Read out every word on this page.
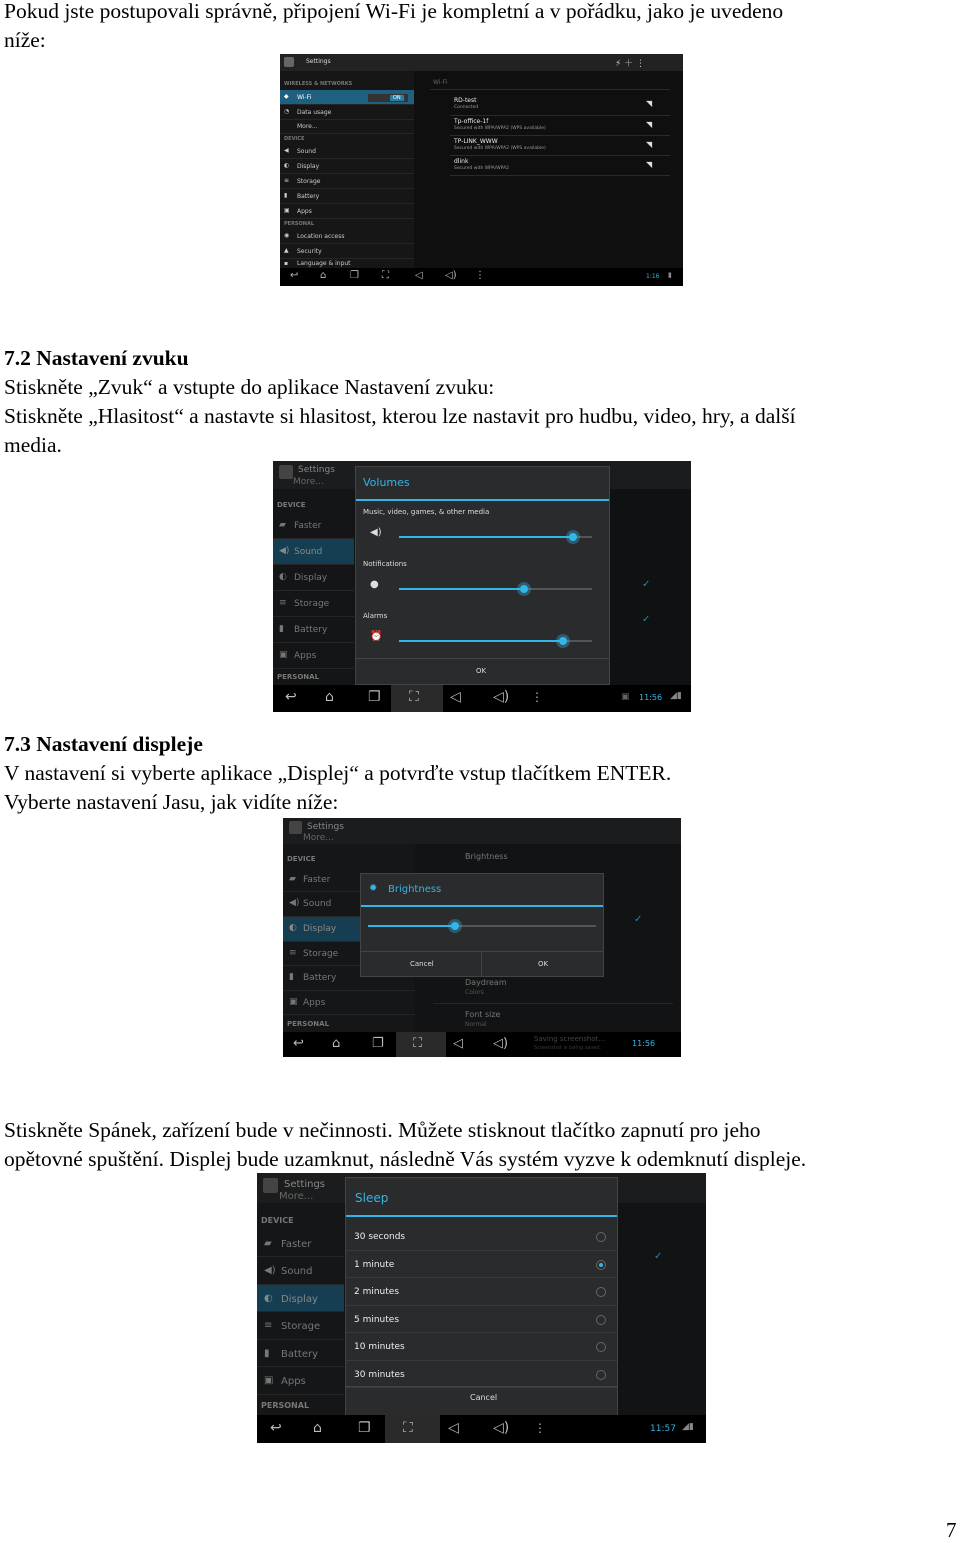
Pokud jste postupovali správně, připojení Wi-Fi je kompletní a v pořádku, jako je uvedeno
níže:
Settings	⚡ ＋ ⋮
WIRELESS & NETWORKS
◆ Wi-Fi	ON
◔ Data usage
More...
DEVICE
◀ Sound
◐ Display
≡ Storage
▮ Battery
▣ Apps
PERSONAL
◉ Location access
▲ Security
▪ Language & input
Wi-Fi
RD-test
Connected	◥
Tp-office-1f
Secured with WPA/WPA2 (WPS available)	◥
TP-LINK_WWW
Secured with WPA/WPA2 (WPS available)	◥
dlink
Secured with WPA/WPA2	◥
↩ ⌂ ❐ ⛶	◁ ◁) ⋮	1:16 ▮
7.2 Nastavení zvuku
Stiskněte „Zvuk“ a vstupte do aplikace Nastavení zvuku:
Stiskněte „Hlasitost“ a nastavte si hlasitost, kterou lze nastavit pro hudbu, video, hry, a další
media.
Settings
More...
DEVICE
▰ Faster
◀) Sound
◐ Display
≡ Storage
▮ Battery
▣ Apps
PERSONAL
✓
✓
Volumes
Music, video, games, & other media
◀)
Notifications
●
Alarms
⏰
OK
↩ ⌂ ❐ ⛶ ◁ ◁) ⋮	▣ 11:56 ◢▮
7.3 Nastavení displeje
V nastavení si vyberte aplikace „Displej“ a potvrďte vstup tlačítkem ENTER.
Vyberte nastavení Jasu, jak vidíte níže:
Settings
More...
DEVICE
▰ Faster
◀) Sound
◐ Display
≡ Storage
▮ Battery
▣ Apps
PERSONAL
Brightness
✓
Daydream
Colors
Font size
Normal
✹ Brightness
Cancel	OK
↩ ⌂ ❐ ⛶ ◁ ◁)	Saving screenshot...
Screenshot is being saved.	11:56
Stiskněte Spánek, zařízení bude v nečinnosti. Můžete stisknout tlačítko zapnutí pro jeho
opětovné spuštění. Displej bude uzamknut, následně Vás systém vyzve k odemknutí displeje.
Settings
More...
DEVICE
▰ Faster
◀) Sound
◐ Display
≡ Storage
▮ Battery
▣ Apps
PERSONAL
✓
Sleep
30 seconds
1 minute
2 minutes
5 minutes
10 minutes
30 minutes
Cancel
↩ ⌂	❐ ⛶	◁ ◁) ⋮	11:57 ◢▮
7
